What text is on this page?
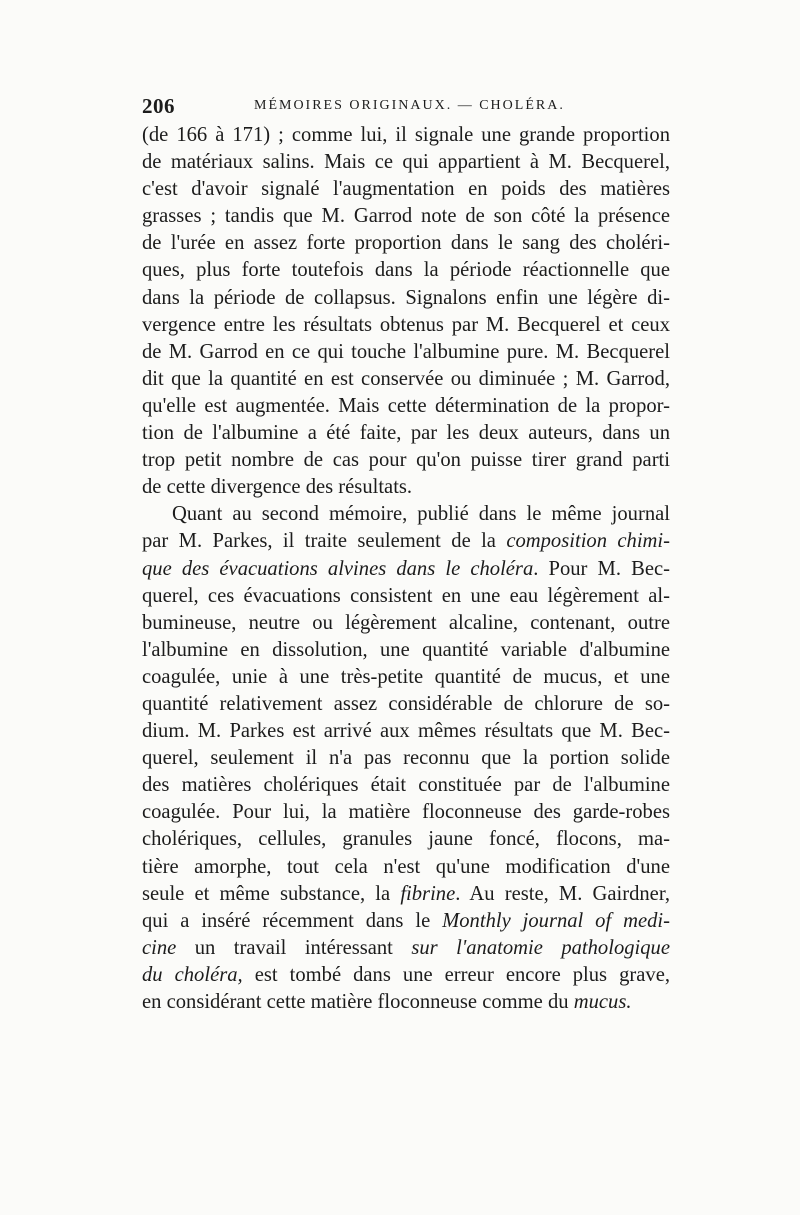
206	MÉMOIRES ORIGINAUX. — CHOLÉRA.
(de 166 à 171) ; comme lui, il signale une grande proportion
de matériaux salins. Mais ce qui appartient à M. Becquerel,
c'est d'avoir signalé l'augmentation en poids des matières
grasses ; tandis que M. Garrod note de son côté la présence
de l'urée en assez forte proportion dans le sang des choléri-
ques, plus forte toutefois dans la période réactionnelle que
dans la période de collapsus. Signalons enfin une légère di-
vergence entre les résultats obtenus par M. Becquerel et ceux
de M. Garrod en ce qui touche l'albumine pure. M. Becquerel
dit que la quantité en est conservée ou diminuée ; M. Garrod,
qu'elle est augmentée. Mais cette détermination de la propor-
tion de l'albumine a été faite, par les deux auteurs, dans un
trop petit nombre de cas pour qu'on puisse tirer grand parti
de cette divergence des résultats.
Quant au second mémoire, publié dans le même journal
par M. Parkes, il traite seulement de la composition chimi-
que des évacuations alvines dans le choléra. Pour M. Bec-
querel, ces évacuations consistent en une eau légèrement al-
bumineuse, neutre ou légèrement alcaline, contenant, outre
l'albumine en dissolution, une quantité variable d'albumine
coagulée, unie à une très-petite quantité de mucus, et une
quantité relativement assez considérable de chlorure de so-
dium. M. Parkes est arrivé aux mêmes résultats que M. Bec-
querel, seulement il n'a pas reconnu que la portion solide
des matières cholériques était constituée par de l'albumine
coagulée. Pour lui, la matière floconneuse des garde-robes
cholériques, cellules, granules jaune foncé, flocons, ma-
tière amorphe, tout cela n'est qu'une modification d'une
seule et même substance, la fibrine. Au reste, M. Gairdner,
qui a inséré récemment dans le Monthly journal of medi-
cine un travail intéressant sur l'anatomie pathologique
du choléra, est tombé dans une erreur encore plus grave,
en considérant cette matière floconneuse comme du mucus.
